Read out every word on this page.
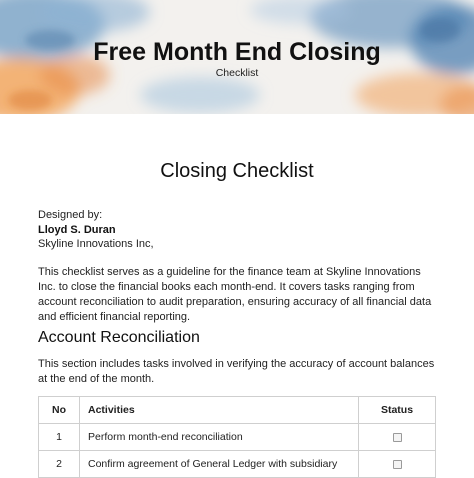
Free Month End Closing
Checklist
Closing Checklist
Designed by:
Lloyd S. Duran
Skyline Innovations Inc,

This checklist serves as a guideline for the finance team at Skyline Innovations Inc. to close the financial books each month-end. It covers tasks ranging from account reconciliation to audit preparation, ensuring accuracy of all financial data and efficient financial reporting.

Account Reconciliation

This section includes tasks involved in verifying the accuracy of account balances at the end of the month.

No	Activities	Status
1	Perform month-end reconciliation	
2	Confirm agreement of General Ledger with subsidiary	
